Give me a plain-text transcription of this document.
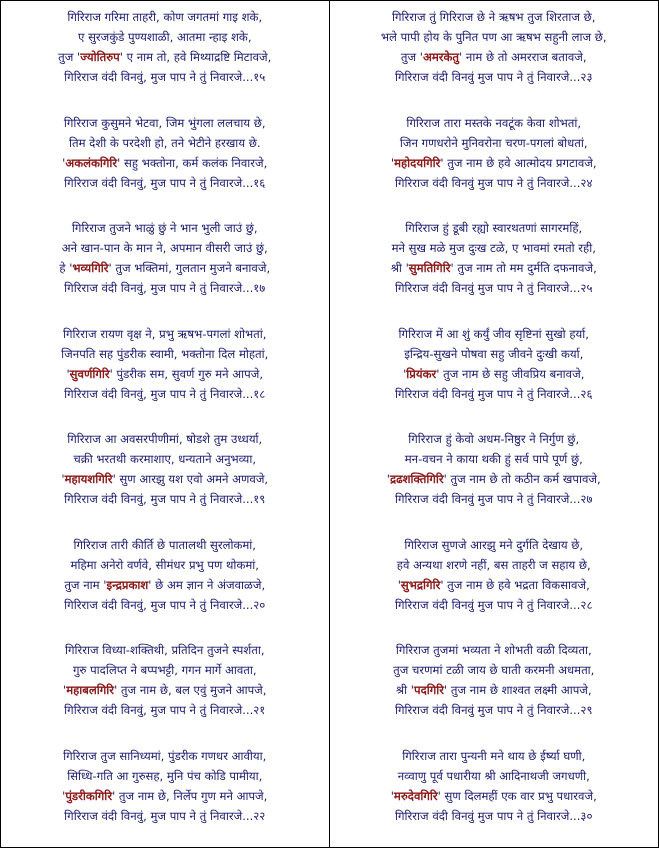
गिरिराज गरिमा ताहरी, कोण जगतमां गाइ शके,
ए सुरजकुंडे पुण्यशाळी, आतमा न्हाइ शके,
तुज 'ज्योतिरुप' ए नाम तो, हवे मिथ्याद्रष्टि मिटावजे,
गिरिराज वंदी विनवुं, मुज पाप ने तुं निवारजे...१५
गिरिराज कुसुमने भेटवा, जिम भुंगला ललचाय छे,
तिम देशी के परदेशी हो, तने भेटीने हरखाय छे.
'अकलंकगिरि' सहु भक्तोना, कर्म कलंक निवारजे,
गिरिराज वंदी विनवुं, मुज पाप ने तुं निवारजे...१६
गिरिराज तुजने भाळुं छुं ने भान भुली जाउं छुं,
अने खान-पान के मान ने, अपमान वीसरी जाउं छुं,
हे 'भव्यगिरि' तुज भक्तिमां, गुलतान मुजने बनावजे,
गिरिराज वंदी विनवुं, मुज पाप ने तुं निवारजे...१७
गिरिराज रायण वृक्ष ने, प्रभु ऋषभ-पगलां शोभतां,
जिनपति सह पुंडरीक स्वामी, भक्तोना दिल मोहतां,
'सुवर्णगिरि' पुंडरीक सम, सुवर्ण गुरु मने आपजे,
गिरिराज वंदी विनवुं, मुज पाप ने तुं निवारजे...१८
गिरिराज आ अवसरपीणीमां, षोडशे तुम उध्धर्या,
चक्री भरतथी करमाशाए, धन्यताने अनुभव्या,
'महायशगिरि' सुण आरझु यश एवो अमने अणवजे,
गिरिराज वंदी विनवुं, मुज पाप ने तुं निवारजे...१९
गिरिराज तारी कीर्ति छे पातालथी सुरलोकमां,
महिमा अनेरो वर्णवे, सीमंधर प्रभु पण थोकमां,
तुज नाम 'इन्द्रप्रकाश' छे अम ज्ञान ने अंजवाळजे,
गिरिराज वंदी विनवुं, मुज पाप ने तुं निवारजे...२०
गिरिराज विध्या-शक्तिथी, प्रतिदिन तुजने स्पर्शता,
गुरु पादलिप्त ने बप्पभट्टी, गगन मार्गे आवता,
'महाबलगिरि' तुज नाम छे, बल एवुं मुजने आपजे,
गिरिराज वंदी विनवुं, मुज पाप ने तुं निवारजे...२१
गिरिराज तुज सानिध्यमां, पुंडरीक गणधर आवीया,
सिध्धि-गति आ गुरुसह, मुनि पंच कोडि पामीया,
'पुंडरीकगिरि' तुज नाम छे, निर्लेप गुण मने आपजे,
गिरिराज वंदी विनवुं, मुज पाप ने तुं निवारजे...२२
गिरिराज तुं गिरिराज छे ने ऋषभ तुज शिरताज छे,
भले पापी होय के पुनित पण आ ऋषभ सहुनी लाज छे,
तुज 'अमरकेतु' नाम छे तो अमरराज बतावजे,
गिरिराज वंदी विनवुं मुज पाप ने तुं निवारजे...२३
गिरिराज तारा मस्तके नवटूंक केवा शोभतां,
जिन गणधरोने मुनिवरोना चरण-पगलां बोधतां,
'महोदयगिरि' तुज नाम छे हवे आत्मोदय प्रगटावजे,
गिरिराज वंदी विनवुं मुज पाप ने तुं निवारजे...२४
गिरिराज हुं डूबी रह्यो स्वारथतणां सागरमहिं,
मने सुख मळे मुज दुःख टळे, ए भावमां रमतो रही,
श्री 'सुमतिगिरि' तुज नाम तो मम दुर्मति दफनावजे,
गिरिराज वंदी विनवुं मुज पाप ने तुं निवारजे...२५
गिरिराज में आ शुं कर्युं जीव सृष्टिनां सुखो हर्या,
इन्द्रिय-सुखने पोषवा सहु जीवने दुःखी कर्या,
'प्रियंकर' तुज नाम छे सहु जीवप्रिय बनावजे,
गिरिराज वंदी विनवुं मुज पाप ने तुं निवारजे...२६
गिरिराज हुं केवो अधम-निष्ठुर ने निर्गुण छुं,
मन-वचन ने काया थकी हुं सर्व पापे पूर्ण छुं,
'द्रढशक्तिगिरि' तुज नाम छे तो कठीन कर्म खपावजे,
गिरिराज वंदी विनवुं मुज पाप ने तुं निवारजे...२७
गिरिराज सुणजे आरझु मने दुर्गति देखाय छे,
हवे अन्यथा शरणे नहीं, बस ताहरी ज सहाय छे,
'सुभद्रगिरि' तुज नाम छे हवे भद्रता विकसावजे,
गिरिराज वंदी विनवुं मुज पाप ने तुं निवारजे...२८
गिरिराज तुजमां भव्यता ने शोभती वळी दिव्यता,
तुज चरणमां टळी जाय छे घाती करमनी अधमता,
श्री 'पदगिरि' तुज नाम छे शाश्वत लक्ष्मी आपजे,
गिरिराज वंदी विनवुं मुज पाप ने तुं निवारजे...२९
गिरिराज तारा पुन्यनी मने थाय छे ईर्ष्या घणी,
नव्वाणु पूर्व पधारीया श्री आदिनाथजी जगधणी,
'मरुदेवगिरि' सुण दिलमहीं एक वार प्रभु पधारवजे,
गिरिराज वंदी विनवुं मुज पाप ने तुं निवारजे...३०
